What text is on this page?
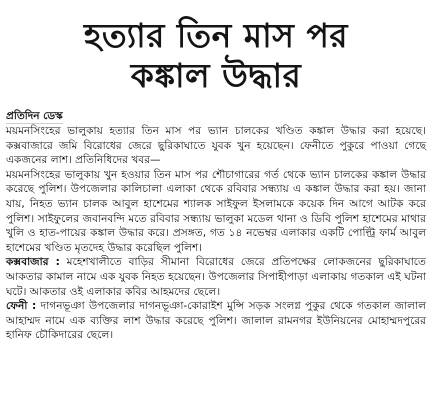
হত্যার তিন মাস পর
কঙ্কাল উদ্ধার
প্রতিদিন ডেস্ক

ময়মনসিংহের ভালুকায় হত্যার তিন মাস পর ভ্যান চালকের খণ্ডিত কঙ্কাল উদ্ধার করা হয়েছে। কক্সবাজারে জমি বিরোধের জেরে ছুরিকাঘাতে যুবক খুন হয়েছেন। ফেনীতে পুকুরে পাওয়া গেছে একজনের লাশ। প্রতিনিধিদের খবর—

ময়মনসিংহের ভালুকায় খুন হওয়ার তিন মাস পর শৌচাগারের গর্ত থেকে ভ্যান চালকের কঙ্কাল উদ্ধার করেছে পুলিশ। উপজেলার কালিচালা এলাকা থেকে রবিবার সন্ধ্যায় এ কঙ্কাল উদ্ধার করা হয়। জানা যায়, নিহত ভ্যান চালক আবুল হাশেমের শ্যালক সাইফুল ইসলামকে কয়েক দিন আগে আটক করে পুলিশ। সাইফুলের জবানবন্দি মতে রবিবার সন্ধ্যায় ভালুকা মডেল থানা ও ডিবি পুলিশ হাশেমের মাথার খুলি ও হাত-পায়ের কঙ্কাল উদ্ধার করে। প্রসঙ্গত, গত ১৪ নভেম্বর এলাকার একটি পোল্ট্রি ফার্ম আবুল হাশেমের খণ্ডিত মৃতদেহ উদ্ধার করেছিল পুলিশ।

কক্সবাজার : মহেশখালীতে বাড়ির সীমানা বিরোধের জেরে প্রতিপক্ষের লোকজনের ছুরিকাঘাতে আকতার কামাল নামে এক যুবক নিহত হয়েছেন। উপজেলার সিপাহীপাড়া এলাকায় গতকাল এই ঘটনা ঘটে। আকতার ওই এলাকার কবির আহমদের ছেলে।

ফেনী : দাগনভূঞা উপজেলার দাগনভূঞা-কোরাইশ মুন্সি সড়ক সংলগ্ন পুকুর থেকে গতকাল জালাল আহাম্মদ নামে এক ব্যক্তির লাশ উদ্ধার করেছে পুলিশ। জালাল রামনগর ইউনিয়নের মোহাম্মদপুরের হানিফ চৌকিদারের ছেলে।
